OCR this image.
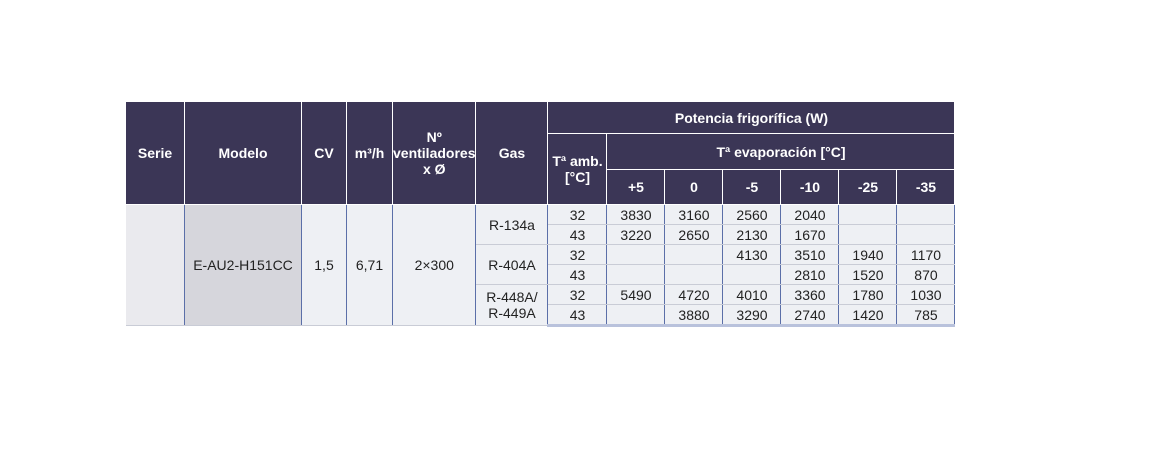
Serie	Modelo	CV	m³/h	Nº
ventiladores
x Ø	Gas	Potencia frigorífica (W)						

						Tª amb.
[°C]	Tª evaporación [°C]					
							+5	0	-5	-10	-25	-35
	E-AU2-H151CC	1,5	6,71	2×300	R-134a	32	3830	3160	2560	2040		
						43	3220	2650	2130	1670		
					R-404A	32			4130	3510	1940	1170
						43				2810	1520	870

					R-448A/
R-449A	32	5490	4720	4010	3360	1780	1030
						43		3880	3290	2740	1420	785
